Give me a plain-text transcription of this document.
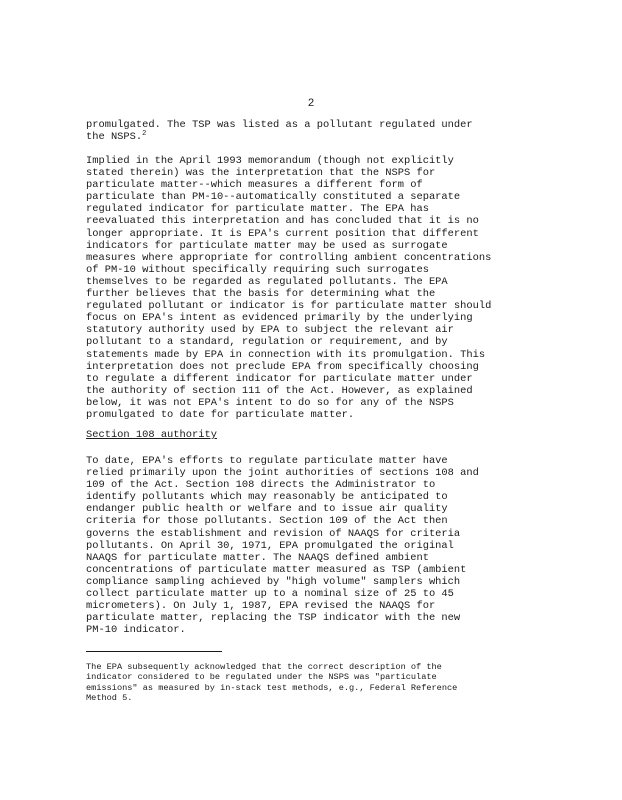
2
promulgated. The TSP was listed as a pollutant regulated under
the NSPS.$^2$
Implied in the April 1993 memorandum (though not explicitly
stated therein) was the interpretation that the NSPS for
particulate matter--which measures a different form of
particulate than PM-10--automatically constituted a separate
regulated indicator for particulate matter. The EPA has
reevaluated this interpretation and has concluded that it is no
longer appropriate. It is EPA's current position that different
indicators for particulate matter may be used as surrogate
measures where appropriate for controlling ambient concentrations
of PM-10 without specifically requiring such surrogates
themselves to be regarded as regulated pollutants. The EPA
further believes that the basis for determining what the
regulated pollutant or indicator is for particulate matter should
focus on EPA's intent as evidenced primarily by the underlying
statutory authority used by EPA to subject the relevant air
pollutant to a standard, regulation or requirement, and by
statements made by EPA in connection with its promulgation. This
interpretation does not preclude EPA from specifically choosing
to regulate a different indicator for particulate matter under
the authority of section 111 of the Act. However, as explained
below, it was not EPA's intent to do so for any of the NSPS
promulgated to date for particulate matter.
Section 108 authority
To date, EPA's efforts to regulate particulate matter have
relied primarily upon the joint authorities of sections 108 and
109 of the Act. Section 108 directs the Administrator to
identify pollutants which may reasonably be anticipated to
endanger public health or welfare and to issue air quality
criteria for those pollutants. Section 109 of the Act then
governs the establishment and revision of NAAQS for criteria
pollutants. On April 30, 1971, EPA promulgated the original
NAAQS for particulate matter. The NAAQS defined ambient
concentrations of particulate matter measured as TSP (ambient
compliance sampling achieved by "high volume" samplers which
collect particulate matter up to a nominal size of 25 to 45
micrometers). On July 1, 1987, EPA revised the NAAQS for
particulate matter, replacing the TSP indicator with the new
PM-10 indicator.
The EPA subsequently acknowledged that the correct description of the
indicator considered to be regulated under the NSPS was "particulate
emissions" as measured by in-stack test methods, e.g., Federal Reference
Method 5.
